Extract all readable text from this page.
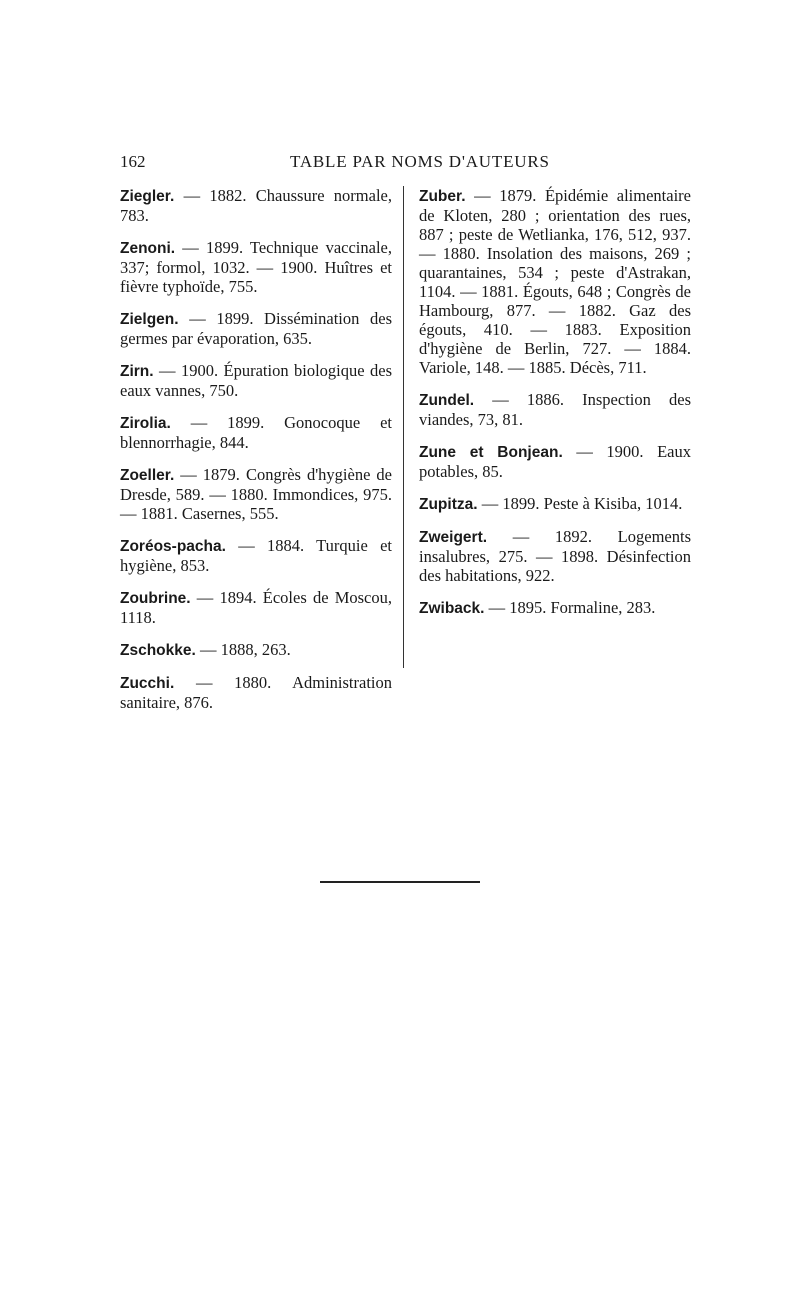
162	TABLE PAR NOMS D'AUTEURS

Ziegler. — 1882. Chaussure normale, 783.

Zenoni. — 1899. Technique vaccinale, 337; formol, 1032. — 1900. Huîtres et fièvre typhoïde, 755.

Zielgen. — 1899. Dissémination des germes par évaporation, 635.

Zirn. — 1900. Épuration biologique des eaux vannes, 750.

Zirolia. — 1899. Gonocoque et blennorrhagie, 844.

Zoeller. — 1879. Congrès d'hygiène de Dresde, 589. — 1880. Immondices, 975. — 1881. Casernes, 555.

Zoréos-pacha. — 1884. Turquie et hygiène, 853.

Zoubrine. — 1894. Écoles de Moscou, 1118.

Zschokke. — 1888, 263.

Zucchi. — 1880. Administration sanitaire, 876.

Zuber. — 1879. Épidémie alimentaire de Kloten, 280 ; orientation des rues, 887 ; peste de Wetlianka, 176, 512, 937. — 1880. Insolation des maisons, 269 ; quarantaines, 534 ; peste d'Astrakan, 1104. — 1881. Égouts, 648 ; Congrès de Hambourg, 877. — 1882. Gaz des égouts, 410. — 1883. Exposition d'hygiène de Berlin, 727. — 1884. Variole, 148. — 1885. Décès, 711.

Zundel. — 1886. Inspection des viandes, 73, 81.

Zune et Bonjean. — 1900. Eaux potables, 85.

Zupitza. — 1899. Peste à Kisiba, 1014.

Zweigert. — 1892. Logements insalubres, 275. — 1898. Désinfection des habitations, 922.

Zwiback. — 1895. Formaline, 283.
